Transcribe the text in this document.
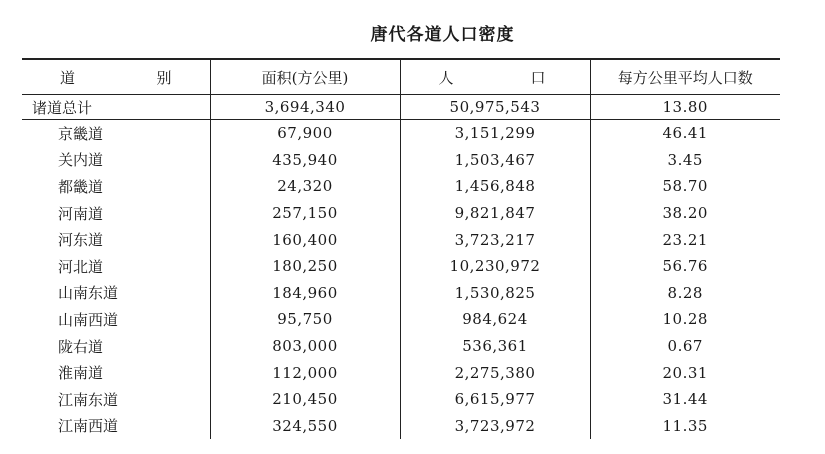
唐代各道人口密度
道 别	面积(方公里)	人 口	每方公里平均人口数
诸道总计	3,694,340	50,975,543	13.80
京畿道	67,900	3,151,299	46.41
关内道	435,940	1,503,467	3.45
都畿道	24,320	1,456,848	58.70
河南道	257,150	9,821,847	38.20
河东道	160,400	3,723,217	23.21
河北道	180,250	10,230,972	56.76
山南东道	184,960	1,530,825	8.28
山南西道	95,750	984,624	10.28
陇右道	803,000	536,361	0.67
淮南道	112,000	2,275,380	20.31
江南东道	210,450	6,615,977	31.44
江南西道	324,550	3,723,972	11.35
